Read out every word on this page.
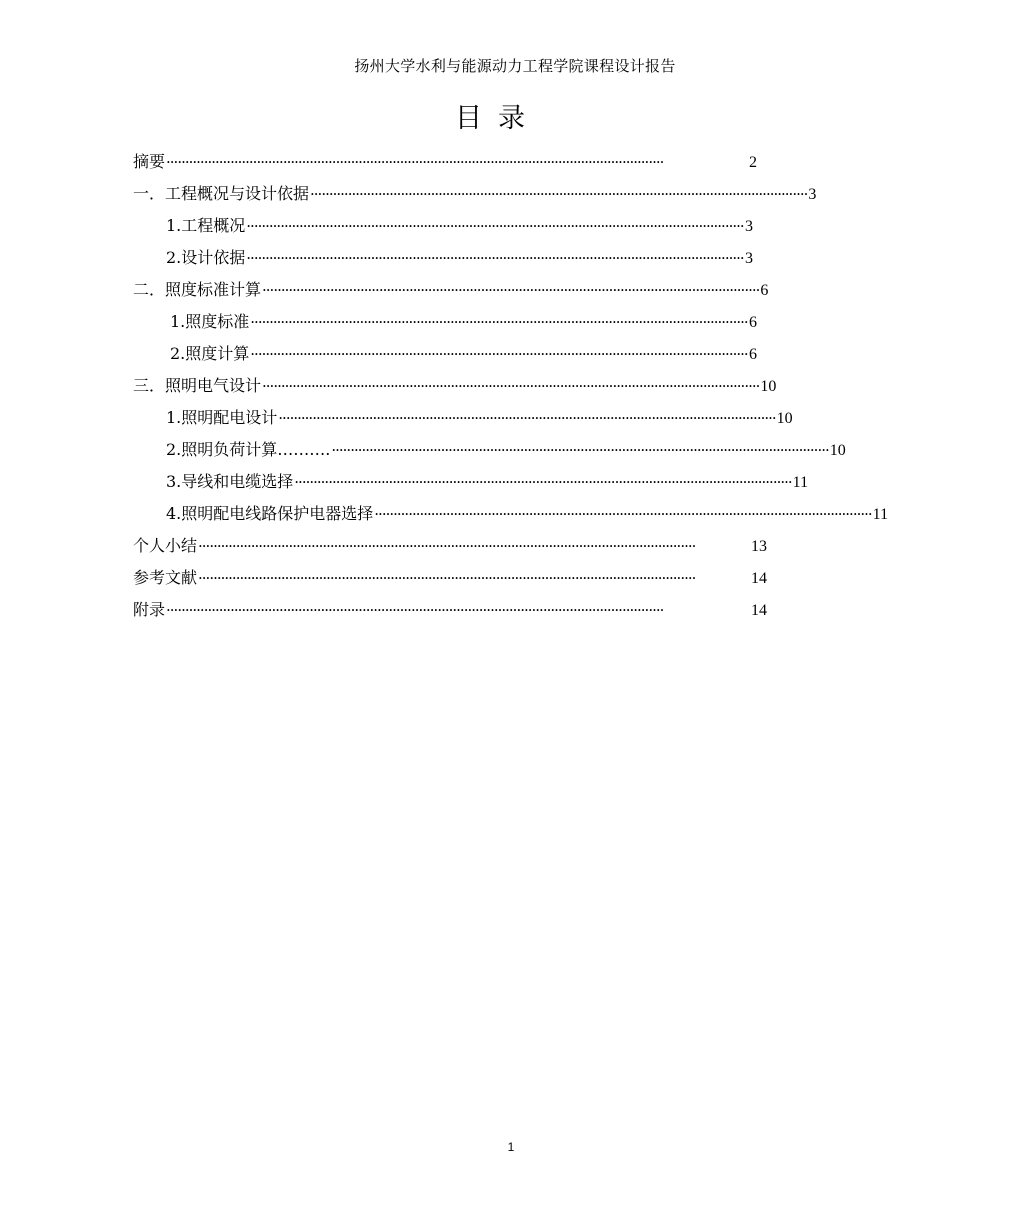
扬州大学水利与能源动力工程学院课程设计报告
目录
摘要 ····································································································································	2
一．工程概况与设计依据 ···································································································································· 3
1.工程概况 ···································································································································· 3
2.设计依据 ···································································································································· 3
二．照度标准计算 ···································································································································· 6
1.照度标准 ···································································································································· 6
2.照度计算 ···································································································································· 6
三．照明电气设计 ···································································································································· 10
1.照明配电设计 ···································································································································· 10
2.照明负荷计算………. ···································································································································· 10
3.导线和电缆选择 ···································································································································· 11
4.照明配电线路保护电器选择 ···································································································································· 11
个人小结 ····································································································································	13
参考文献 ····································································································································	14
附录 ····································································································································	14
1
